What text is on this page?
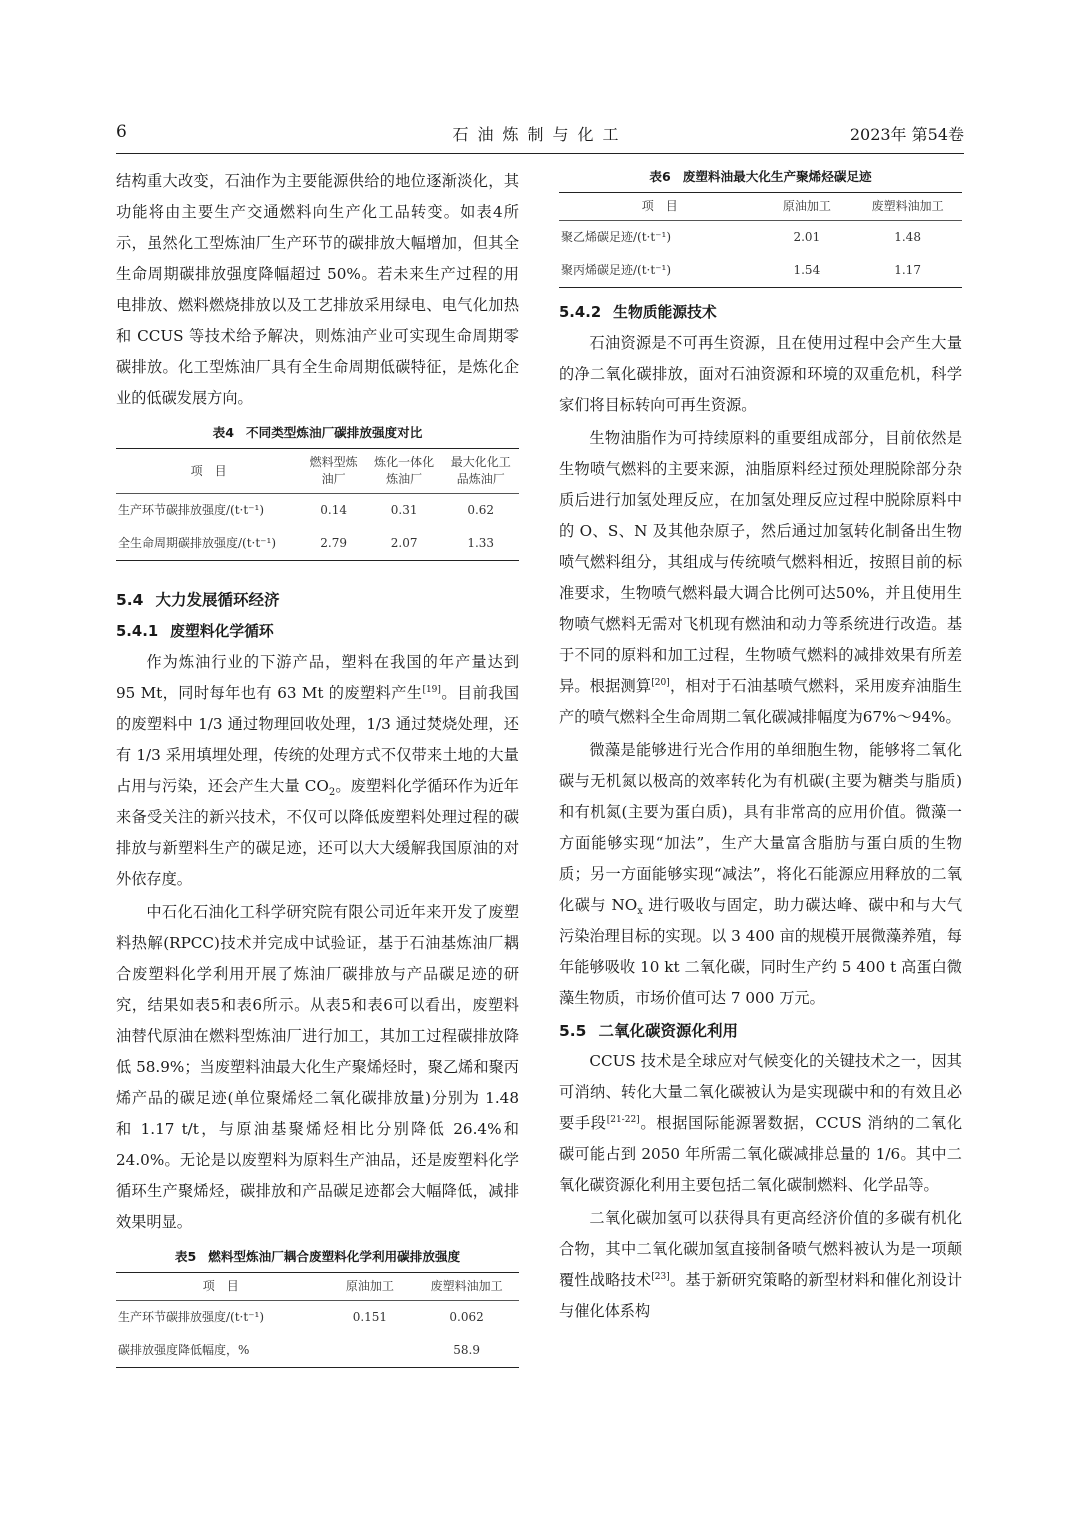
6	石油炼制与化工	2023年 第54卷

结构重大改变，石油作为主要能源供给的地位逐渐淡化，其功能将由主要生产交通燃料向生产化工品转变。如表4所示，虽然化工型炼油厂生产环节的碳排放大幅增加，但其全生命周期碳排放强度降幅超过 50%。若未来生产过程的用电排放、燃料燃烧排放以及工艺排放采用绿电、电气化加热和 CCUS 等技术给予解决，则炼油产业可实现生命周期零碳排放。化工型炼油厂具有全生命周期低碳特征，是炼化企业的低碳发展方向。

表4 不同类型炼油厂碳排放强度对比
项　目	燃料型炼油厂	炼化一体化炼油厂	最大化化工品炼油厂
生产环节碳排放强度/(t·t⁻¹)	0.14	0.31	0.62
全生命周期碳排放强度/(t·t⁻¹)	2.79	2.07	1.33
5.4 大力发展循环经济
5.4.1 废塑料化学循环

作为炼油行业的下游产品，塑料在我国的年产量达到 95 Mt，同时每年也有 63 Mt 的废塑料产生[19]。目前我国的废塑料中 1/3 通过物理回收处理，1/3 通过焚烧处理，还有 1/3 采用填埋处理，传统的处理方式不仅带来土地的大量占用与污染，还会产生大量 $CO_2$。废塑料化学循环作为近年来备受关注的新兴技术，不仅可以降低废塑料处理过程的碳排放与新塑料生产的碳足迹，还可以大大缓解我国原油的对外依存度。

中石化石油化工科学研究院有限公司近年来开发了废塑料热解(RPCC)技术并完成中试验证，基于石油基炼油厂耦合废塑料化学利用开展了炼油厂碳排放与产品碳足迹的研究，结果如表5和表6所示。从表5和表6可以看出，废塑料油替代原油在燃料型炼油厂进行加工，其加工过程碳排放降低 58.9%；当废塑料油最大化生产聚烯烃时，聚乙烯和聚丙烯产品的碳足迹(单位聚烯烃二氧化碳排放量)分别为 1.48 和 1.17 t/t，与原油基聚烯烃相比分别降低 26.4%和 24.0%。无论是以废塑料为原料生产油品，还是废塑料化学循环生产聚烯烃，碳排放和产品碳足迹都会大幅降低，减排效果明显。

表5 燃料型炼油厂耦合废塑料化学利用碳排放强度
项　目	原油加工	废塑料油加工
生产环节碳排放强度/(t·t⁻¹)	0.151	0.062
碳排放强度降低幅度，%		58.9
表6 废塑料油最大化生产聚烯烃碳足迹
项　目	原油加工	废塑料油加工
聚乙烯碳足迹/(t·t⁻¹)	2.01	1.48
聚丙烯碳足迹/(t·t⁻¹)	1.54	1.17
5.4.2 生物质能源技术

石油资源是不可再生资源，且在使用过程中会产生大量的净二氧化碳排放，面对石油资源和环境的双重危机，科学家们将目标转向可再生资源。

生物油脂作为可持续原料的重要组成部分，目前依然是生物喷气燃料的主要来源，油脂原料经过预处理脱除部分杂质后进行加氢处理反应，在加氢处理反应过程中脱除原料中的 O、S、N 及其他杂原子，然后通过加氢转化制备出生物喷气燃料组分，其组成与传统喷气燃料相近，按照目前的标准要求，生物喷气燃料最大调合比例可达50%，并且使用生物喷气燃料无需对飞机现有燃油和动力等系统进行改造。基于不同的原料和加工过程，生物喷气燃料的减排效果有所差异。根据测算[20]，相对于石油基喷气燃料，采用废弃油脂生产的喷气燃料全生命周期二氧化碳减排幅度为67%～94%。

微藻是能够进行光合作用的单细胞生物，能够将二氧化碳与无机氮以极高的效率转化为有机碳(主要为糖类与脂质)和有机氮(主要为蛋白质)，具有非常高的应用价值。微藻一方面能够实现“加法”，生产大量富含脂肪与蛋白质的生物质；另一方面能够实现“减法”，将化石能源应用释放的二氧化碳与 $NO_x$ 进行吸收与固定，助力碳达峰、碳中和与大气污染治理目标的实现。以 3 400 亩的规模开展微藻养殖，每年能够吸收 10 kt 二氧化碳，同时生产约 5 400 t 高蛋白微藻生物质，市场价值可达 7 000 万元。

5.5 二氧化碳资源化利用

CCUS 技术是全球应对气候变化的关键技术之一，因其可消纳、转化大量二氧化碳被认为是实现碳中和的有效且必要手段[21-22]。根据国际能源署数据，CCUS 消纳的二氧化碳可能占到 2050 年所需二氧化碳减排总量的 1/6。其中二氧化碳资源化利用主要包括二氧化碳制燃料、化学品等。

二氧化碳加氢可以获得具有更高经济价值的多碳有机化合物，其中二氧化碳加氢直接制备喷气燃料被认为是一项颠覆性战略技术[23]。基于新研究策略的新型材料和催化剂设计与催化体系构
